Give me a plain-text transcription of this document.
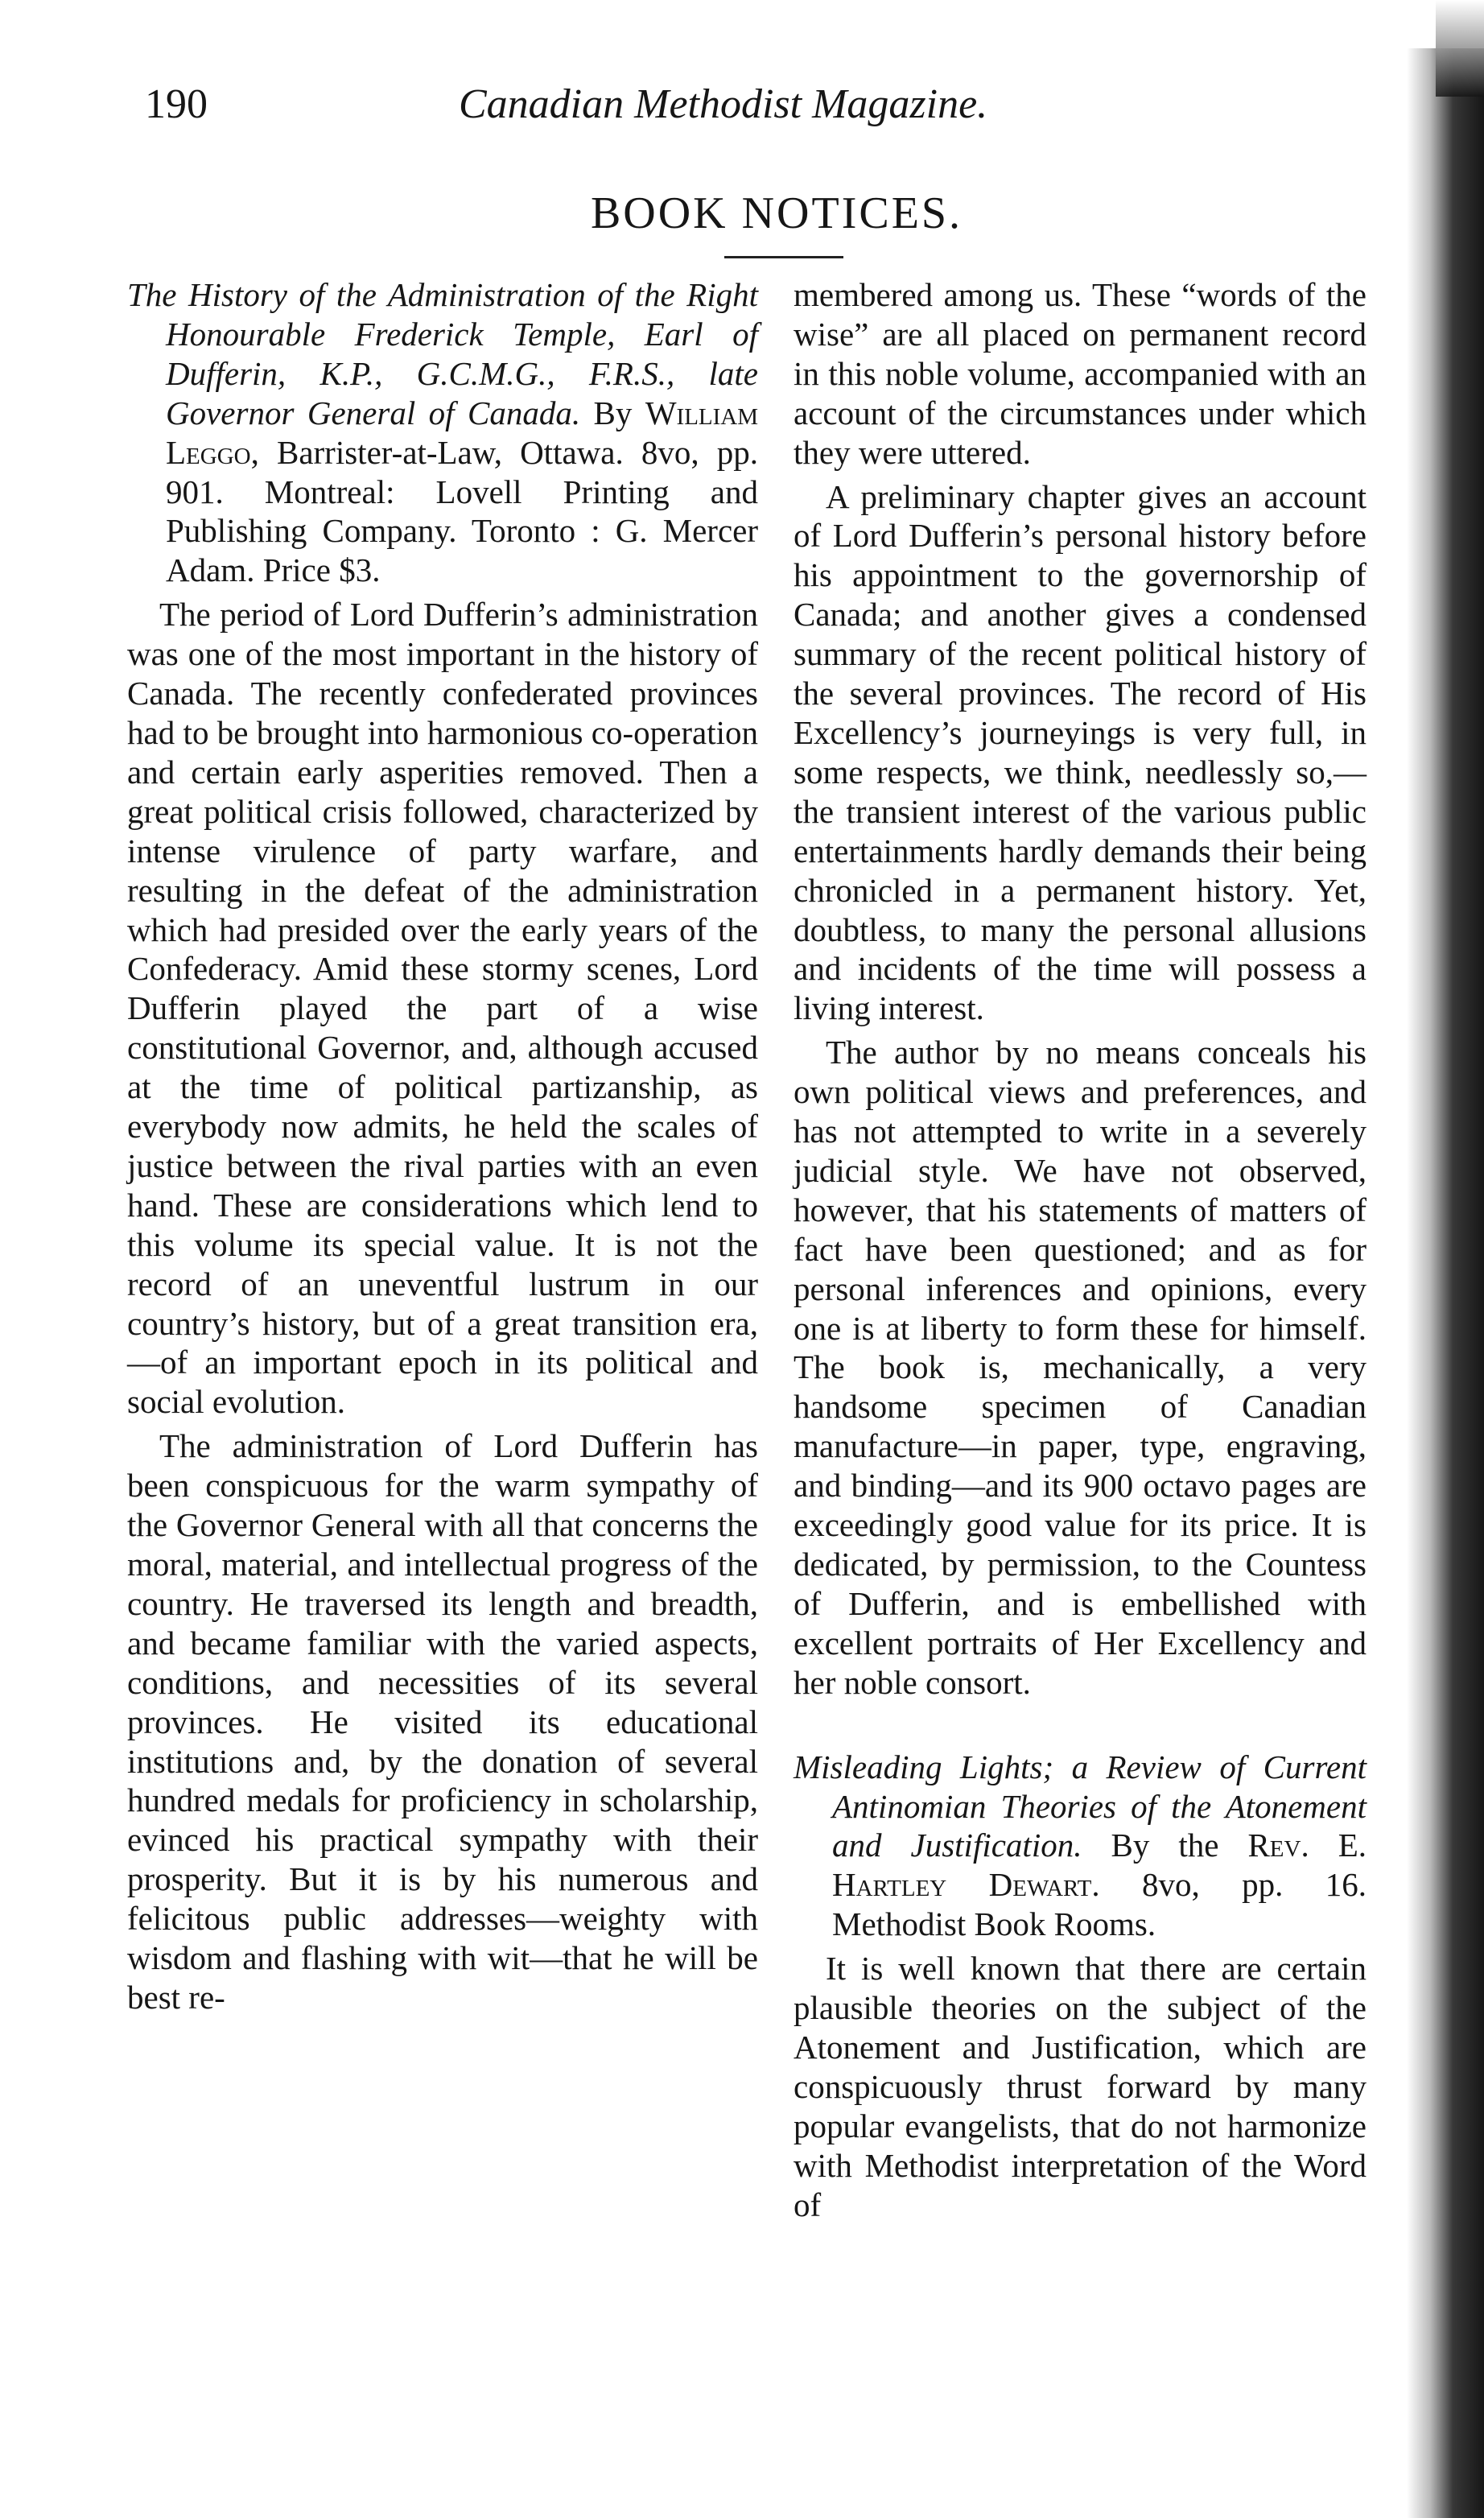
190	Canadian Methodist Magazine.
BOOK NOTICES.

The History of the Administration of the Right Honourable Frederick Temple, Earl of Dufferin, K.P., G.C.M.G., F.R.S., late Governor General of Canada. By William Leggo, Barrister-at-Law, Ottawa. 8vo, pp. 901. Montreal: Lovell Printing and Publishing Company. Toronto : G. Mercer Adam. Price $3.

The period of Lord Dufferin’s administration was one of the most important in the history of Canada. The recently confederated provinces had to be brought into harmonious co-operation and certain early asperities removed. Then a great political crisis followed, characterized by intense virulence of party warfare, and resulting in the defeat of the administration which had presided over the early years of the Confederacy. Amid these stormy scenes, Lord Dufferin played the part of a wise constitutional Governor, and, although accused at the time of political partizanship, as everybody now admits, he held the scales of justice between the rival parties with an even hand. These are considerations which lend to this volume its special value. It is not the record of an uneventful lustrum in our country’s history, but of a great transition era,—of an important epoch in its political and social evolution.

The administration of Lord Dufferin has been conspicuous for the warm sympathy of the Governor General with all that concerns the moral, material, and intellectual progress of the country. He traversed its length and breadth, and became familiar with the varied aspects, conditions, and necessities of its several provinces. He visited its educational institutions and, by the donation of several hundred medals for proficiency in scholarship, evinced his practical sympathy with their prosperity. But it is by his numerous and felicitous public addresses—weighty with wisdom and flashing with wit—that he will be best re-

membered among us. These “words of the wise” are all placed on permanent record in this noble volume, accompanied with an account of the circumstances under which they were uttered.

A preliminary chapter gives an account of Lord Dufferin’s personal history before his appointment to the governorship of Canada; and another gives a condensed summary of the recent political history of the several provinces. The record of His Excellency’s journeyings is very full, in some respects, we think, needlessly so,—the transient interest of the various public entertainments hardly demands their being chronicled in a permanent history. Yet, doubtless, to many the personal allusions and incidents of the time will possess a living interest.

The author by no means conceals his own political views and preferences, and has not attempted to write in a severely judicial style. We have not observed, however, that his statements of matters of fact have been questioned; and as for personal inferences and opinions, every one is at liberty to form these for himself. The book is, mechanically, a very handsome specimen of Canadian manufacture—in paper, type, engraving, and binding—and its 900 octavo pages are exceedingly good value for its price. It is dedicated, by permission, to the Countess of Dufferin, and is embellished with excellent portraits of Her Excellency and her noble consort.

Misleading Lights; a Review of Current Antinomian Theories of the Atonement and Justification. By the Rev. E. Hartley Dewart. 8vo, pp. 16. Methodist Book Rooms.

It is well known that there are certain plausible theories on the subject of the Atonement and Justification, which are conspicuously thrust forward by many popular evangelists, that do not harmonize with Methodist interpretation of the Word of
